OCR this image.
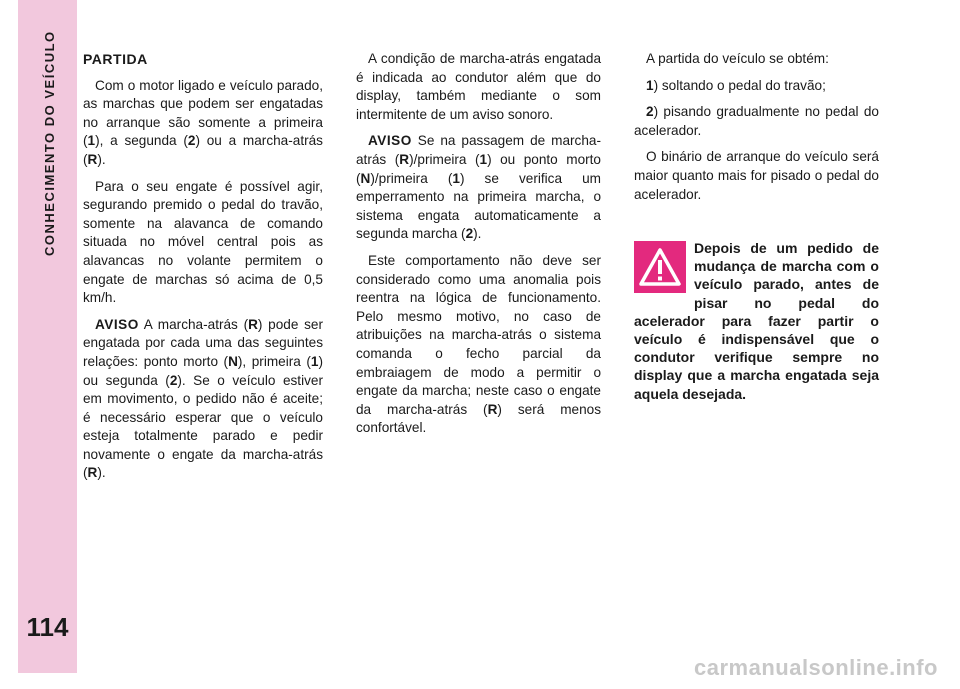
CONHECIMENTO DO VEÍCULO
114
PARTIDA

Com o motor ligado e veículo parado, as marchas que podem ser engatadas no arranque são somente a primeira (1), a segunda (2) ou a marcha-atrás (R).

Para o seu engate é possível agir, segurando premido o pedal do travão, somente na alavanca de comando situada no móvel central pois as alavancas no volante permitem o engate de marchas só acima de 0,5 km/h.

AVISO A marcha-atrás (R) pode ser engatada por cada uma das seguintes relações: ponto morto (N), primeira (1) ou segunda (2). Se o veículo estiver em movimento, o pedido não é aceite; é necessário esperar que o veículo esteja totalmente parado e pedir novamente o engate da marcha-atrás (R).

A condição de marcha-atrás engatada é indicada ao condutor além que do display, também mediante o som intermitente de um aviso sonoro.

AVISO Se na passagem de marcha-atrás (R)/primeira (1) ou ponto morto (N)/primeira (1) se verifica um emperramento na primeira marcha, o sistema engata automaticamente a segunda marcha (2).

Este comportamento não deve ser considerado como uma anomalia pois reentra na lógica de funcionamento. Pelo mesmo motivo, no caso de atribuições na marcha-atrás o sistema comanda o fecho parcial da embraiagem de modo a permitir o engate da marcha; neste caso o engate da marcha-atrás (R) será menos confortável.

A partida do veículo se obtém:

1) soltando o pedal do travão;

2) pisando gradualmente no pedal do acelerador.

O binário de arranque do veículo será maior quanto mais for pisado o pedal do acelerador.

Depois de um pedido de mudança de marcha com o veículo parado, antes de pisar no pedal do acelerador para fazer partir o veículo é indispensável que o condutor verifique sempre no display que a marcha engatada seja aquela desejada.
carmanualsonline.info
